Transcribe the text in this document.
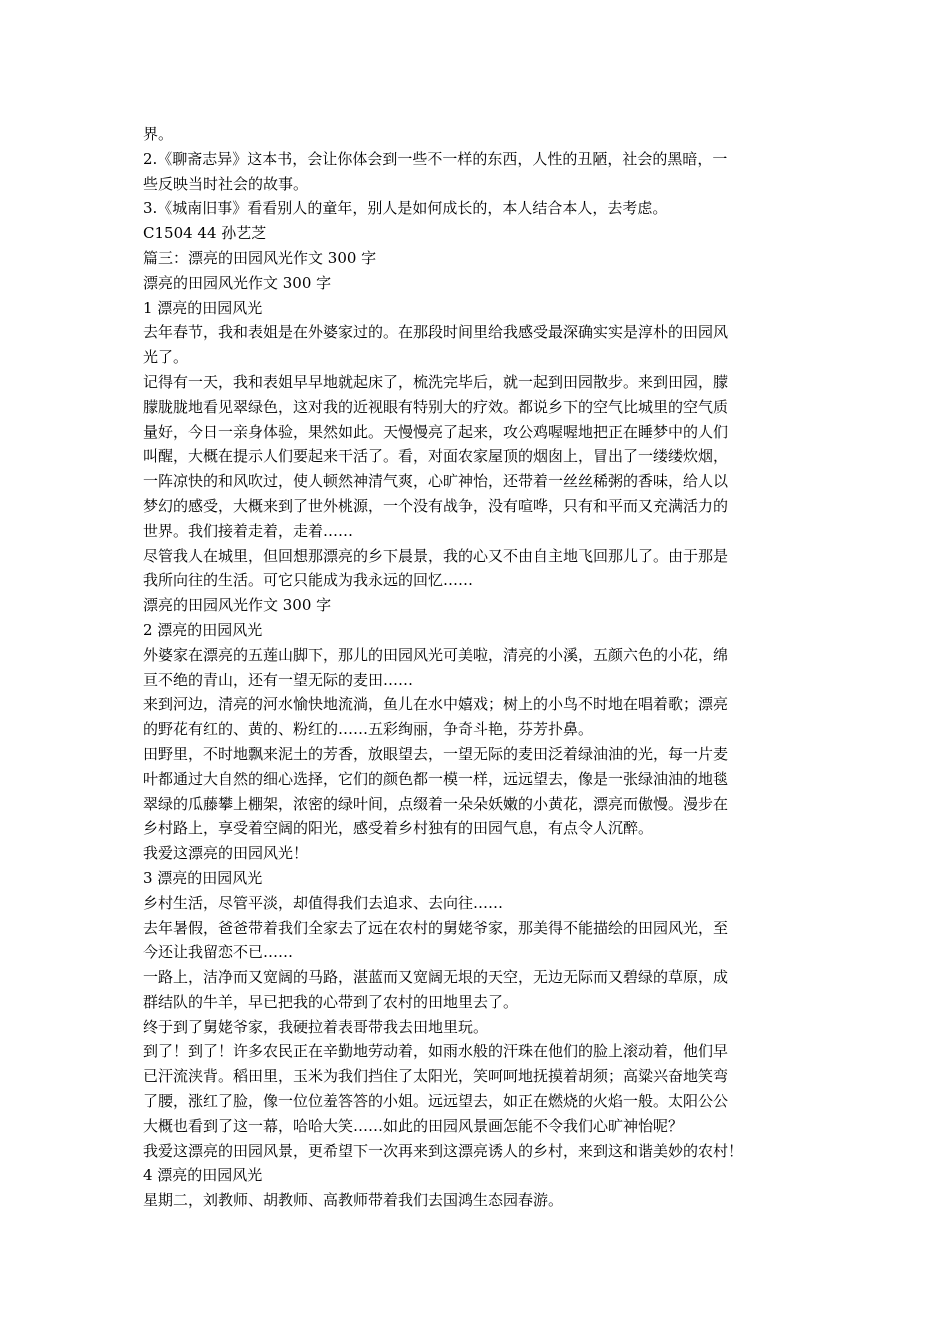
界。
2.《聊斋志异》这本书，会让你体会到一些不一样的东西，人性的丑陋，社会的黑暗，一
些反映当时社会的故事。
3.《城南旧事》看看别人的童年，别人是如何成长的，本人结合本人，去考虑。
C1504 44 孙艺芝
篇三：漂亮的田园风光作文 300 字
漂亮的田园风光作文 300 字
1 漂亮的田园风光
去年春节，我和表姐是在外婆家过的。在那段时间里给我感受最深确实实是淳朴的田园风
光了。
记得有一天，我和表姐早早地就起床了，梳洗完毕后，就一起到田园散步。来到田园，朦
朦胧胧地看见翠绿色，这对我的近视眼有特别大的疗效。都说乡下的空气比城里的空气质
量好，今日一亲身体验，果然如此。天慢慢亮了起来，攻公鸡喔喔地把正在睡梦中的人们
叫醒，大概在提示人们要起来干活了。看，对面农家屋顶的烟囱上，冒出了一缕缕炊烟，
一阵凉快的和风吹过，使人顿然神清气爽，心旷神怡，还带着一丝丝稀粥的香味，给人以
梦幻的感受，大概来到了世外桃源，一个没有战争，没有喧哗，只有和平而又充满活力的
世界。我们接着走着，走着……
尽管我人在城里，但回想那漂亮的乡下晨景，我的心又不由自主地飞回那儿了。由于那是
我所向往的生活。可它只能成为我永远的回忆……
漂亮的田园风光作文 300 字
2 漂亮的田园风光
外婆家在漂亮的五莲山脚下，那儿的田园风光可美啦，清亮的小溪，五颜六色的小花，绵
亘不绝的青山，还有一望无际的麦田……
来到河边，清亮的河水愉快地流淌，鱼儿在水中嬉戏；树上的小鸟不时地在唱着歌；漂亮
的野花有红的、黄的、粉红的……五彩绚丽，争奇斗艳，芬芳扑鼻。
田野里，不时地飘来泥土的芳香，放眼望去，一望无际的麦田泛着绿油油的光，每一片麦
叶都通过大自然的细心选择，它们的颜色都一模一样，远远望去，像是一张绿油油的地毯
翠绿的瓜藤攀上棚架，浓密的绿叶间，点缀着一朵朵妖嫩的小黄花，漂亮而傲慢。漫步在
乡村路上，享受着空阔的阳光，感受着乡村独有的田园气息，有点令人沉醉。
我爱这漂亮的田园风光！
3 漂亮的田园风光
乡村生活，尽管平淡，却值得我们去追求、去向往……
去年暑假，爸爸带着我们全家去了远在农村的舅姥爷家，那美得不能描绘的田园风光，至
今还让我留恋不已……
一路上，洁净而又宽阔的马路，湛蓝而又宽阔无垠的天空，无边无际而又碧绿的草原，成
群结队的牛羊，早已把我的心带到了农村的田地里去了。
终于到了舅姥爷家，我硬拉着表哥带我去田地里玩。
到了！到了！许多农民正在辛勤地劳动着，如雨水般的汗珠在他们的脸上滚动着，他们早
已汗流浃背。稻田里，玉米为我们挡住了太阳光，笑呵呵地抚摸着胡须；高粱兴奋地笑弯
了腰，涨红了脸，像一位位羞答答的小姐。远远望去，如正在燃烧的火焰一般。太阳公公
大概也看到了这一幕，哈哈大笑……如此的田园风景画怎能不令我们心旷神怡呢？
我爱这漂亮的田园风景，更希望下一次再来到这漂亮诱人的乡村，来到这和谐美妙的农村！
4 漂亮的田园风光
星期二，刘教师、胡教师、高教师带着我们去国鸿生态园春游。
